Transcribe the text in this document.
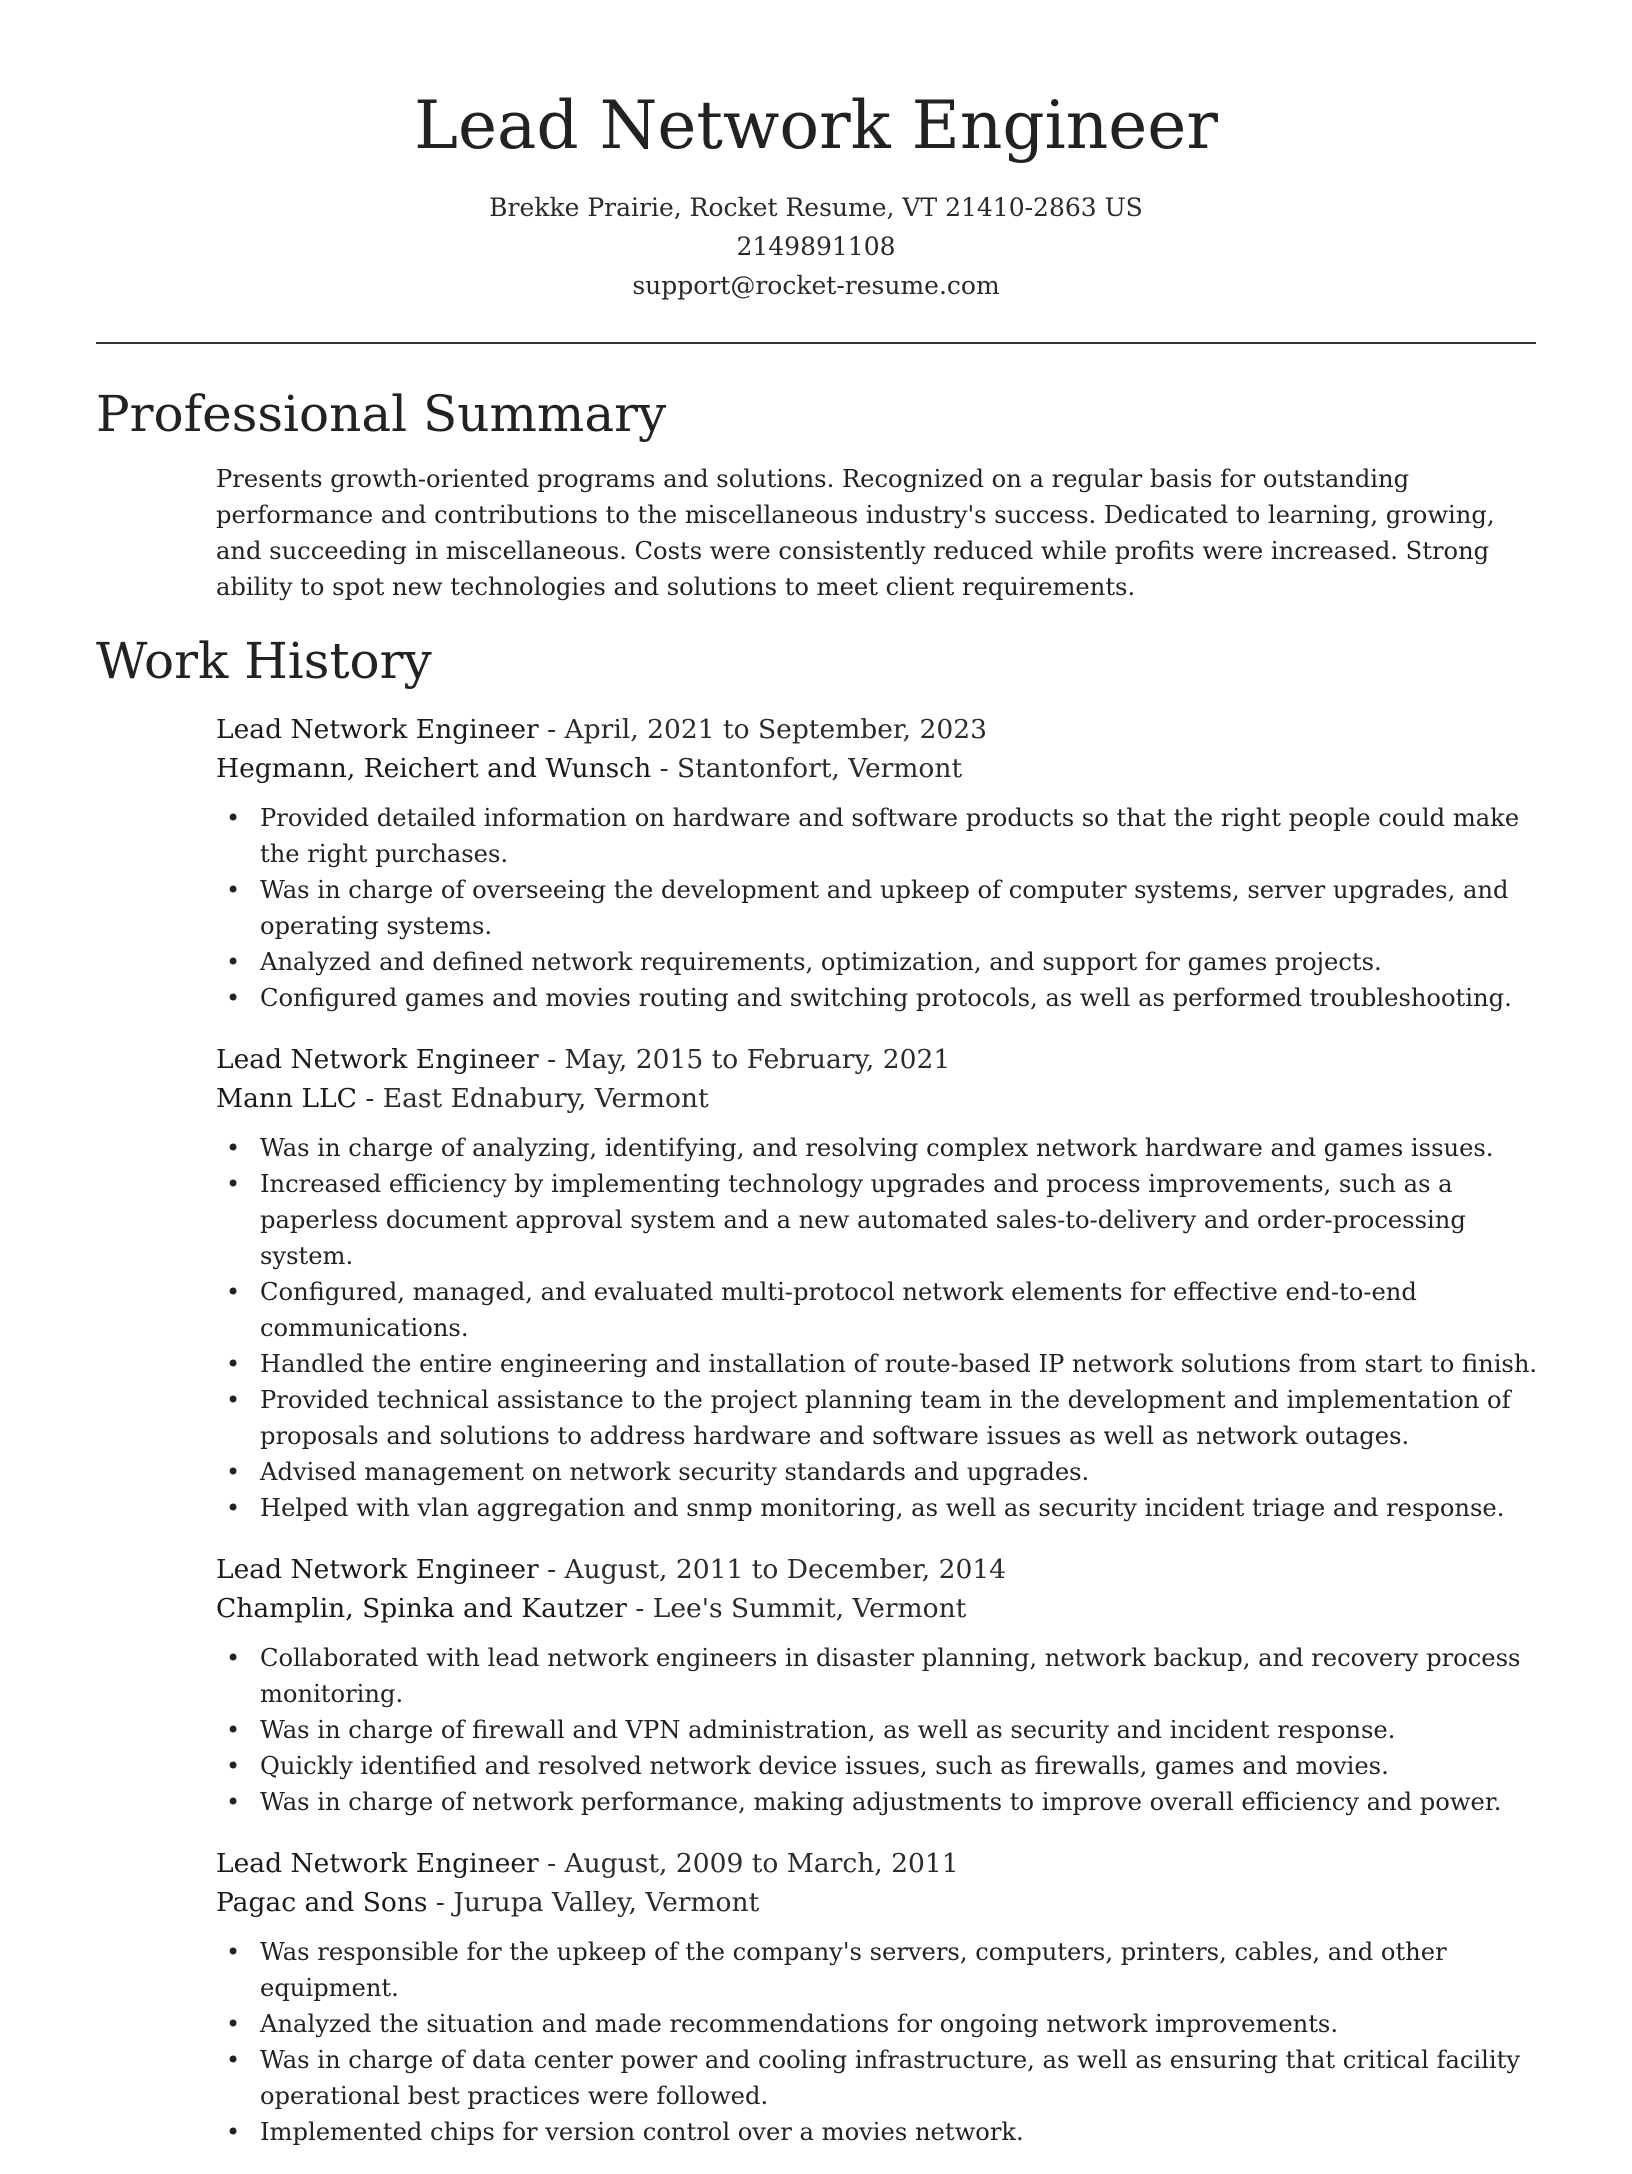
Lead Network Engineer
Brekke Prairie, Rocket Resume, VT 21410-2863 US
2149891108
support@rocket-resume.com
Professional Summary

Presents growth-oriented programs and solutions. Recognized on a regular basis for outstanding performance and contributions to the miscellaneous industry's success. Dedicated to learning, growing, and succeeding in miscellaneous. Costs were consistently reduced while profits were increased. Strong ability to spot new technologies and solutions to meet client requirements.

Work History
Lead Network Engineer - April, 2021 to September, 2023
Hegmann, Reichert and Wunsch - Stantonfort, Vermont
• Provided detailed information on hardware and software products so that the right people could make the right purchases.
• Was in charge of overseeing the development and upkeep of computer systems, server upgrades, and operating systems.
• Analyzed and defined network requirements, optimization, and support for games projects.
• Configured games and movies routing and switching protocols, as well as performed troubleshooting.
Lead Network Engineer - May, 2015 to February, 2021
Mann LLC - East Ednabury, Vermont
• Was in charge of analyzing, identifying, and resolving complex network hardware and games issues.
• Increased efficiency by implementing technology upgrades and process improvements, such as a paperless document approval system and a new automated sales-to-delivery and order-processing system.
• Configured, managed, and evaluated multi-protocol network elements for effective end-to-end communications.
• Handled the entire engineering and installation of route-based IP network solutions from start to finish.
• Provided technical assistance to the project planning team in the development and implementation of proposals and solutions to address hardware and software issues as well as network outages.
• Advised management on network security standards and upgrades.
• Helped with vlan aggregation and snmp monitoring, as well as security incident triage and response.
Lead Network Engineer - August, 2011 to December, 2014
Champlin, Spinka and Kautzer - Lee's Summit, Vermont
• Collaborated with lead network engineers in disaster planning, network backup, and recovery process monitoring.
• Was in charge of firewall and VPN administration, as well as security and incident response.
• Quickly identified and resolved network device issues, such as firewalls, games and movies.
• Was in charge of network performance, making adjustments to improve overall efficiency and power.
Lead Network Engineer - August, 2009 to March, 2011
Pagac and Sons - Jurupa Valley, Vermont
• Was responsible for the upkeep of the company's servers, computers, printers, cables, and other equipment.
• Analyzed the situation and made recommendations for ongoing network improvements.
• Was in charge of data center power and cooling infrastructure, as well as ensuring that critical facility operational best practices were followed.
• Implemented chips for version control over a movies network.
